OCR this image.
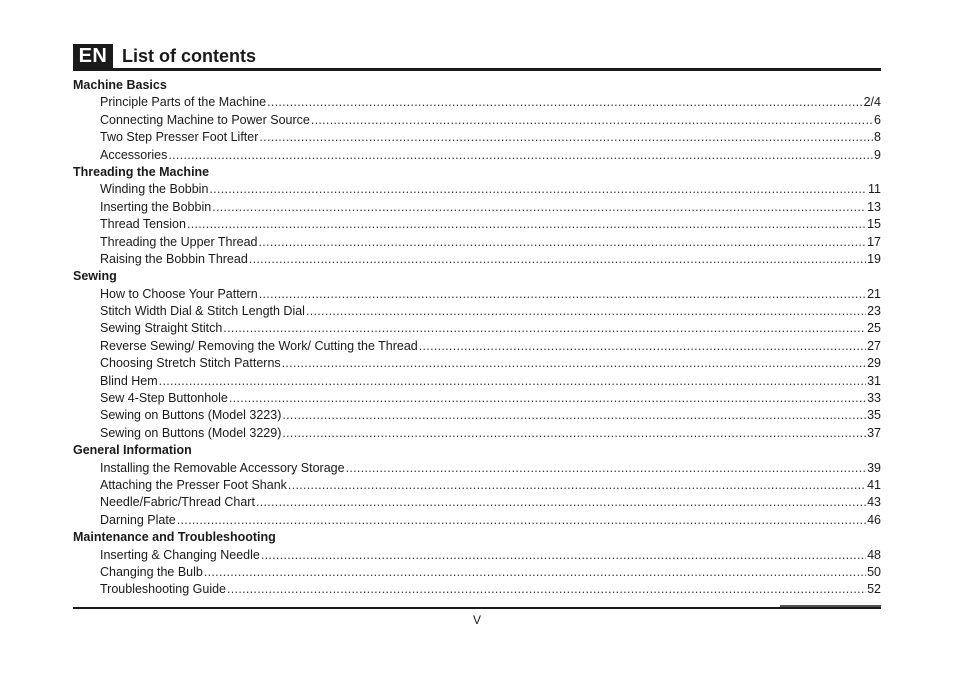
EN List of contents
Machine Basics
Principle Parts of the Machine .....	2/4
Connecting Machine to Power Source .....	6
Two Step Presser Foot Lifter .....	8
Accessories .....	9
Threading the Machine
Winding the Bobbin .....	11
Inserting the Bobbin .....	13
Thread Tension .....	15
Threading the Upper Thread .....	17
Raising the Bobbin Thread .....	19
Sewing
How to Choose Your Pattern .....	21
Stitch Width Dial & Stitch Length Dial .....	23
Sewing Straight Stitch .....	25
Reverse Sewing/ Removing the Work/ Cutting the Thread .....	27
Choosing Stretch Stitch Patterns .....	29
Blind Hem .....	31
Sew 4-Step Buttonhole .....	33
Sewing on Buttons (Model 3223) .....	35
Sewing on Buttons (Model 3229) .....	37
General Information
Installing the Removable Accessory Storage .....	39
Attaching the Presser Foot Shank .....	41
Needle/Fabric/Thread Chart .....	43
Darning Plate .....	46
Maintenance and Troubleshooting
Inserting & Changing Needle .....	48
Changing the Bulb .....	50
Troubleshooting Guide .....	52
V
